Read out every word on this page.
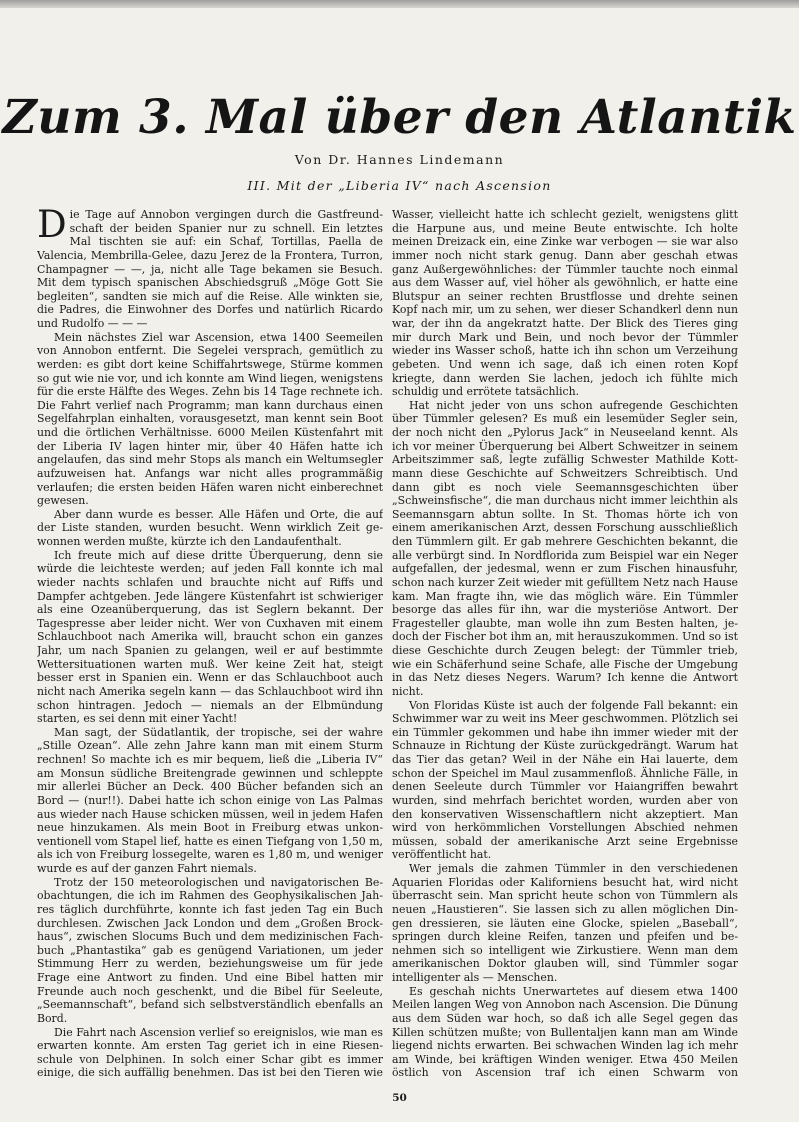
Zum 3. Mal über den Atlantik
Von Dr. Hannes Lindemann
III. Mit der „Liberia IV“ nach Ascension

Die Tage auf Annobon vergingen durch die Gastfreundschaft der beiden Spanier nur zu schnell. Ein letztes Mal tischten sie auf: ein Schaf, Tortillas, Paella de Valencia, Membrilla-Gelee, dazu Jerez de la Frontera, Turron, Champagner — —, ja, nicht alle Tage bekamen sie Besuch. Mit dem typisch spanischen Abschiedsgruß „Möge Gott Sie begleiten“, sandten sie mich auf die Reise. Alle winkten sie, die Padres, die Einwohner des Dorfes und natürlich Ricardo und Rudolfo — — —

Mein nächstes Ziel war Ascension, etwa 1400 Seemeilen von Annobon entfernt. Die Segelei versprach, gemütlich zu werden: es gibt dort keine Schiffahrtswege, Stürme kommen so gut wie nie vor, und ich konnte am Wind liegen, wenigstens für die erste Hälfte des Weges. Zehn bis 14 Tage rechnete ich. Die Fahrt verlief nach Programm; man kann durchaus einen Segelfahrplan einhalten, vorausgesetzt, man kennt sein Boot und die örtlichen Verhältnisse. 6000 Meilen Küstenfahrt mit der Liberia IV lagen hinter mir, über 40 Häfen hatte ich angelaufen, das sind mehr Stops als manch ein Weltumsegler aufzuweisen hat. Anfangs war nicht alles programmäßig verlaufen; die ersten beiden Häfen waren nicht einberechnet gewesen.

Aber dann wurde es besser. Alle Häfen und Orte, die auf der Liste standen, wurden besucht. Wenn wirklich Zeit gewonnen werden mußte, kürzte ich den Landaufenthalt.

Ich freute mich auf diese dritte Überquerung, denn sie würde die leichteste werden; auf jeden Fall konnte ich mal wieder nachts schlafen und brauchte nicht auf Riffs und Dampfer achtgeben. Jede längere Küstenfahrt ist schwieriger als eine Ozeanüberquerung, das ist Seglern bekannt. Der Tagespresse aber leider nicht. Wer von Cuxhaven mit einem Schlauchboot nach Amerika will, braucht schon ein ganzes Jahr, um nach Spanien zu gelangen, weil er auf bestimmte Wettersituationen warten muß. Wer keine Zeit hat, steigt besser erst in Spanien ein. Wenn er das Schlauchboot auch nicht nach Amerika segeln kann — das Schlauchboot wird ihn schon hintragen. Jedoch — niemals an der Elbmündung starten, es sei denn mit einer Yacht!

Man sagt, der Südatlantik, der tropische, sei der wahre „Stille Ozean“. Alle zehn Jahre kann man mit einem Sturm rechnen! So machte ich es mir bequem, ließ die „Liberia IV“ am Monsun südliche Breitengrade gewinnen und schleppte mir allerlei Bücher an Deck. 400 Bücher befanden sich an Bord — (nur!!). Dabei hatte ich schon einige von Las Palmas aus wieder nach Hause schicken müssen, weil in jedem Hafen neue hinzukamen. Als mein Boot in Freiburg etwas unkonventionell vom Stapel lief, hatte es einen Tiefgang von 1,50 m, als ich von Freiburg lossegelte, waren es 1,80 m, und weniger wurde es auf der ganzen Fahrt niemals.

Trotz der 150 meteorologischen und navigatorischen Beobachtungen, die ich im Rahmen des Geophysikalischen Jahres täglich durchführte, konnte ich fast jeden Tag ein Buch durchlesen. Zwischen Jack London und dem „Großen Brockhaus“, zwischen Slocums Buch und dem medizinischen Fachbuch „Phantastika“ gab es genügend Variationen, um jeder Stimmung Herr zu werden, beziehungsweise um für jede Frage eine Antwort zu finden. Und eine Bibel hatten mir Freunde auch noch geschenkt, und die Bibel für Seeleute, „Seemannschaft“, befand sich selbstverständlich ebenfalls an Bord.

Die Fahrt nach Ascension verlief so ereignislos, wie man es erwarten konnte. Am ersten Tag geriet ich in eine Riesenschule von Delphinen. In solch einer Schar gibt es immer einige, die sich auffällig benehmen. Das ist bei den Tieren wie

Wasser, vielleicht hatte ich schlecht gezielt, wenigstens glitt die Harpune aus, und meine Beute entwischte. Ich holte meinen Dreizack ein, eine Zinke war verbogen — sie war also immer noch nicht stark genug. Dann aber geschah etwas ganz Außergewöhnliches: der Tümmler tauchte noch einmal aus dem Wasser auf, viel höher als gewöhnlich, er hatte eine Blutspur an seiner rechten Brustflosse und drehte seinen Kopf nach mir, um zu sehen, wer dieser Schandkerl denn nun war, der ihn da angekratzt hatte. Der Blick des Tieres ging mir durch Mark und Bein, und noch bevor der Tümmler wieder ins Wasser schoß, hatte ich ihn schon um Verzeihung gebeten. Und wenn ich sage, daß ich einen roten Kopf kriegte, dann werden Sie lachen, jedoch ich fühlte mich schuldig und errötete tatsächlich.

Hat nicht jeder von uns schon aufregende Geschichten über Tümmler gelesen? Es muß ein lesemüder Segler sein, der noch nicht den „Pylorus Jack“ in Neuseeland kennt. Als ich vor meiner Überquerung bei Albert Schweitzer in seinem Arbeitszimmer saß, legte zufällig Schwester Mathilde Kottmann diese Geschichte auf Schweitzers Schreibtisch. Und dann gibt es noch viele Seemannsgeschichten über „Schweinsfische“, die man durchaus nicht immer leichthin als Seemannsgarn abtun sollte. In St. Thomas hörte ich von einem amerikanischen Arzt, dessen Forschung ausschließlich den Tümmlern gilt. Er gab mehrere Geschichten bekannt, die alle verbürgt sind. In Nordflorida zum Beispiel war ein Neger aufgefallen, der jedesmal, wenn er zum Fischen hinausfuhr, schon nach kurzer Zeit wieder mit gefülltem Netz nach Hause kam. Man fragte ihn, wie das möglich wäre. Ein Tümmler besorge das alles für ihn, war die mysteriöse Antwort. Der Fragesteller glaubte, man wolle ihn zum Besten halten, jedoch der Fischer bot ihm an, mit herauszukommen. Und so ist diese Geschichte durch Zeugen belegt: der Tümmler trieb, wie ein Schäferhund seine Schafe, alle Fische der Umgebung in das Netz dieses Negers. Warum? Ich kenne die Antwort nicht.

Von Floridas Küste ist auch der folgende Fall bekannt: ein Schwimmer war zu weit ins Meer geschwommen. Plötzlich sei ein Tümmler gekommen und habe ihn immer wieder mit der Schnauze in Richtung der Küste zurückgedrängt. Warum hat das Tier das getan? Weil in der Nähe ein Hai lauerte, dem schon der Speichel im Maul zusammenfloß. Ähnliche Fälle, in denen Seeleute durch Tümmler vor Haiangriffen bewahrt wurden, sind mehrfach berichtet worden, wurden aber von den konservativen Wissenschaftlern nicht akzeptiert. Man wird von herkömmlichen Vorstellungen Abschied nehmen müssen, sobald der amerikanische Arzt seine Ergebnisse veröffentlicht hat.

Wer jemals die zahmen Tümmler in den verschiedenen Aquarien Floridas oder Kaliforniens besucht hat, wird nicht überrascht sein. Man spricht heute schon von Tümmlern als neuen „Haustieren“. Sie lassen sich zu allen möglichen Dingen dressieren, sie läuten eine Glocke, spielen „Baseball“, springen durch kleine Reifen, tanzen und pfeifen und benehmen sich so intelligent wie Zirkustiere. Wenn man dem amerikanischen Doktor glauben will, sind Tümmler sogar intelligenter als — Menschen.

Es geschah nichts Unerwartetes auf diesem etwa 1400 Meilen langen Weg von Annobon nach Ascension. Die Dünung aus dem Süden war hoch, so daß ich alle Segel gegen das Killen schützen mußte; von Bullentaljen kann man am Winde liegend nichts erwarten. Bei schwachen Winden lag ich mehr am Winde, bei kräftigen Winden weniger. Etwa 450 Meilen östlich von Ascension traf ich einen Schwarm von

50
